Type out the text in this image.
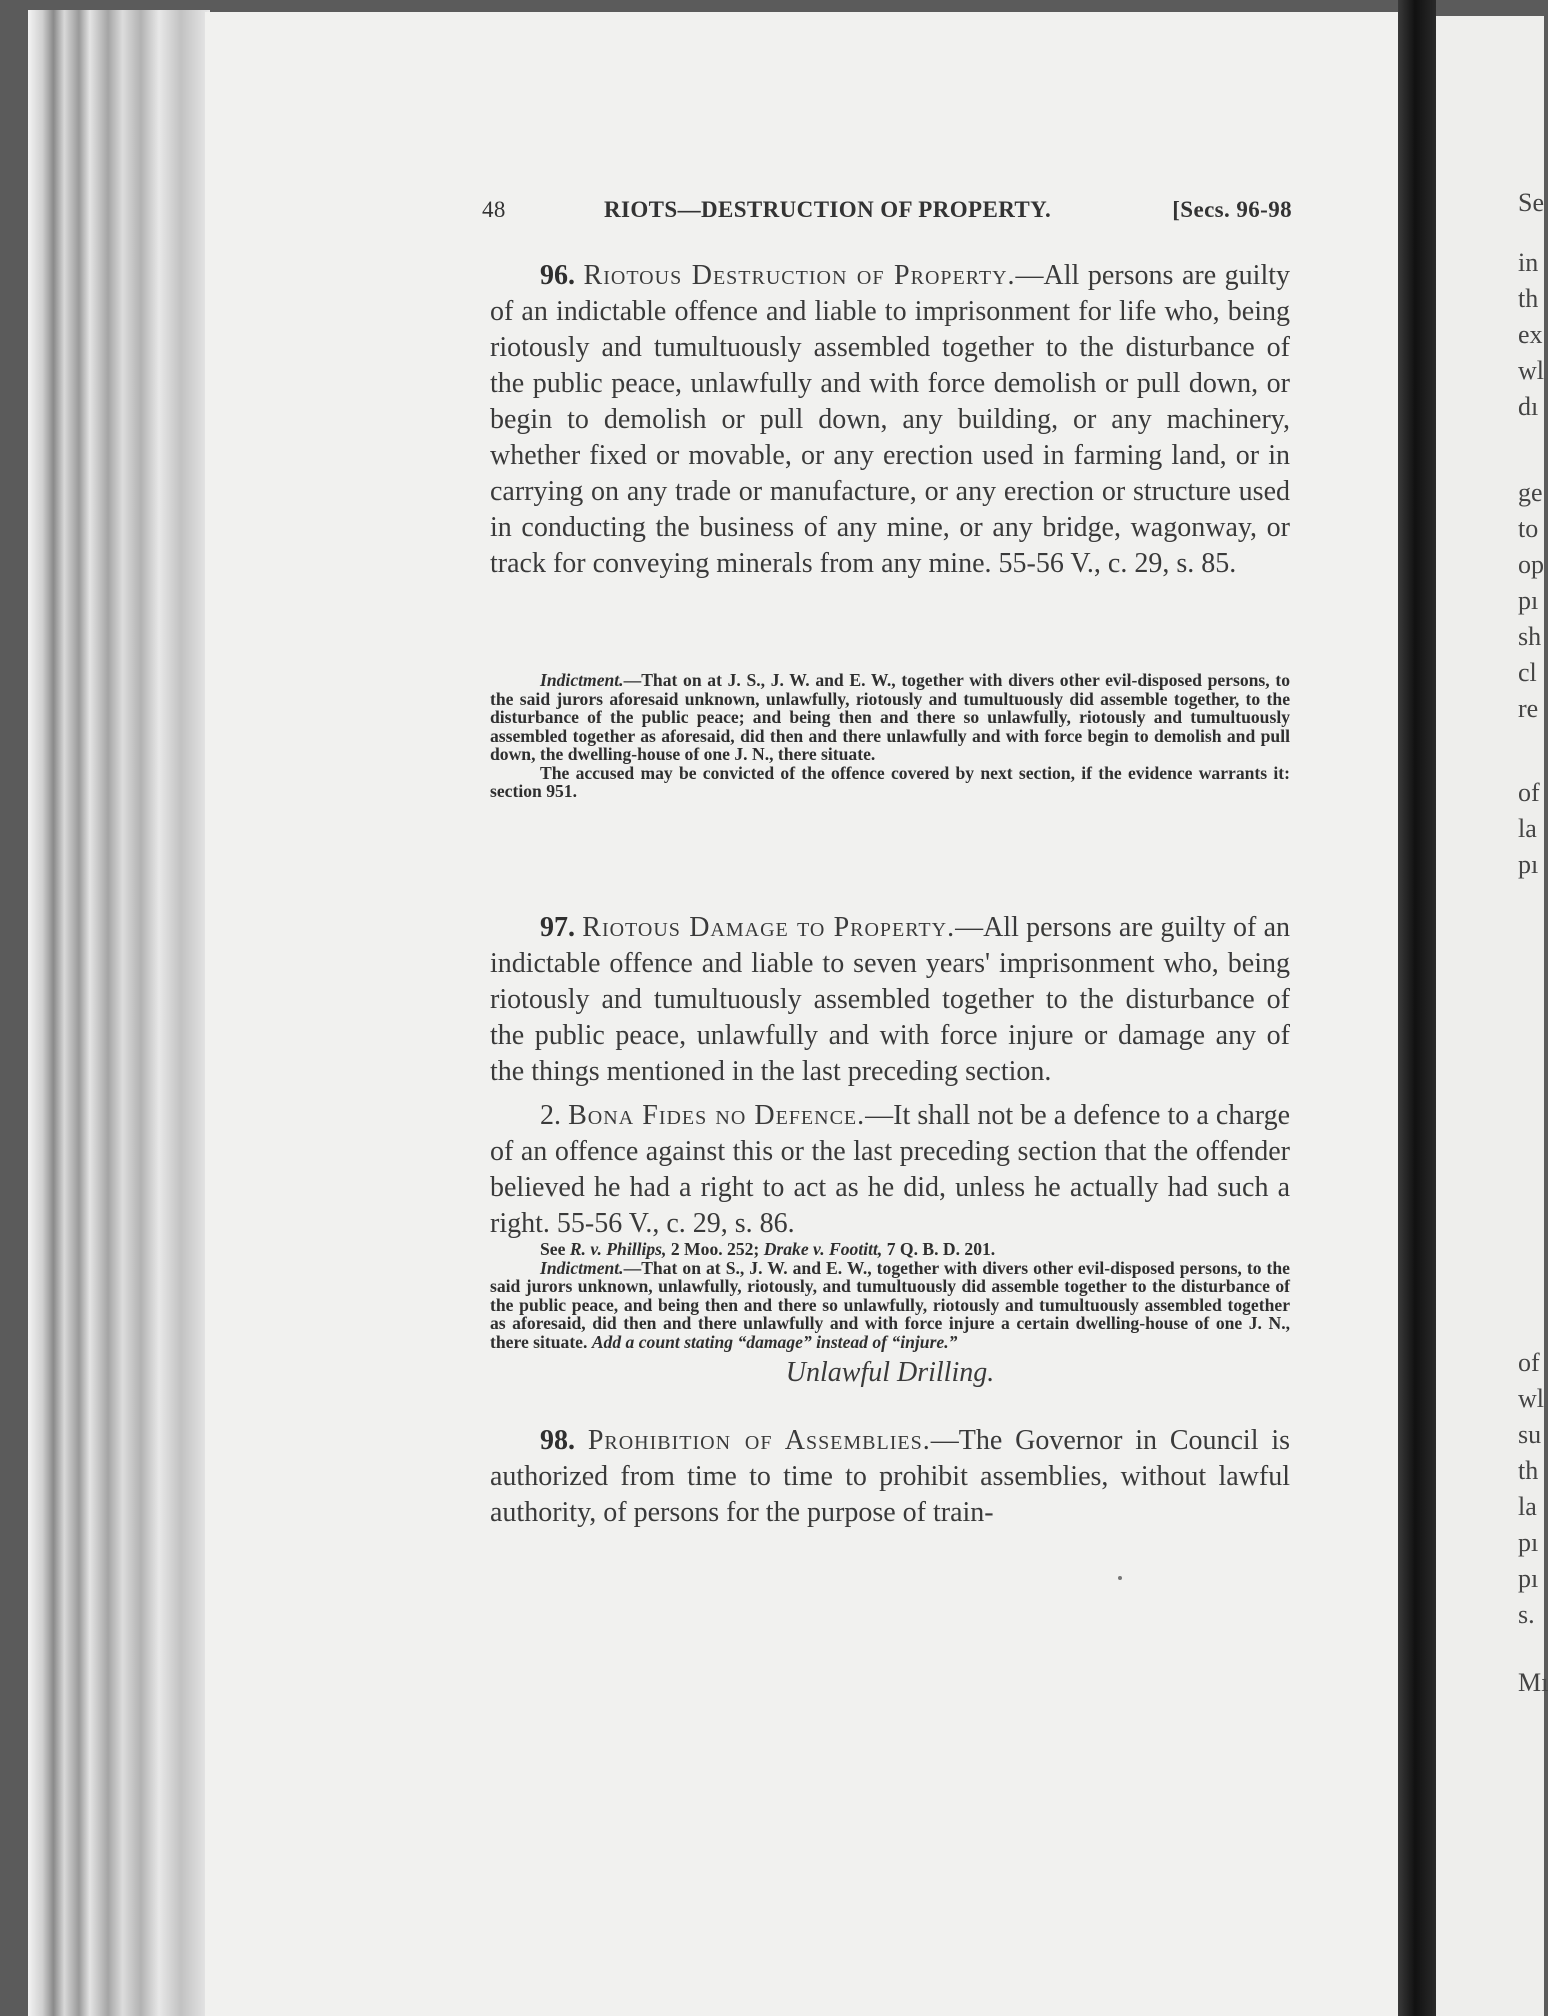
Se
in
th
ex
wl
dı
ge
to
op
pı
sh
cl
re
of
la
pı
of
wl
su
th
la
pı
pı
s.
Mı
48	RIOTS—DESTRUCTION OF PROPERTY.	[Secs. 96-98

96. Riotous Destruction of Property.—All persons are guilty of an indictable offence and liable to imprisonment for life who, being riotously and tumultuously assembled together to the disturbance of the public peace, unlawfully and with force demolish or pull down, or begin to demolish or pull down, any building, or any machinery, whether fixed or movable, or any erection used in farming land, or in carrying on any trade or manufacture, or any erection or structure used in conducting the business of any mine, or any bridge, wagonway, or track for conveying minerals from any mine. 55-56 V., c. 29, s. 85.

Indictment.—That on at J. S., J. W. and E. W., together with divers other evil-disposed persons, to the said jurors aforesaid unknown, unlawfully, riotously and tumultuously did assemble together, to the disturbance of the public peace; and being then and there so unlawfully, riotously and tumultuously assembled together as aforesaid, did then and there unlawfully and with force begin to demolish and pull down, the dwelling-house of one J. N., there situate.

The accused may be convicted of the offence covered by next section, if the evidence warrants it: section 951.

97. Riotous Damage to Property.—All persons are guilty of an indictable offence and liable to seven years' imprisonment who, being riotously and tumultuously assembled together to the disturbance of the public peace, unlawfully and with force injure or damage any of the things mentioned in the last preceding section.

2. Bona Fides no Defence.—It shall not be a defence to a charge of an offence against this or the last preceding section that the offender believed he had a right to act as he did, unless he actually had such a right. 55-56 V., c. 29, s. 86.

See R. v. Phillips, 2 Moo. 252; Drake v. Footitt, 7 Q. B. D. 201.

Indictment.—That on at S., J. W. and E. W., together with divers other evil-disposed persons, to the said jurors unknown, unlawfully, riotously, and tumultuously did assemble together to the disturbance of the public peace, and being then and there so unlawfully, riotously and tumultuously assembled together as aforesaid, did then and there unlawfully and with force injure a certain dwelling-house of one J. N., there situate. Add a count stating “damage” instead of “injure.”

Unlawful Drilling.

98. Prohibition of Assemblies.—The Governor in Council is authorized from time to time to prohibit assemblies, without lawful authority, of persons for the purpose of train-
